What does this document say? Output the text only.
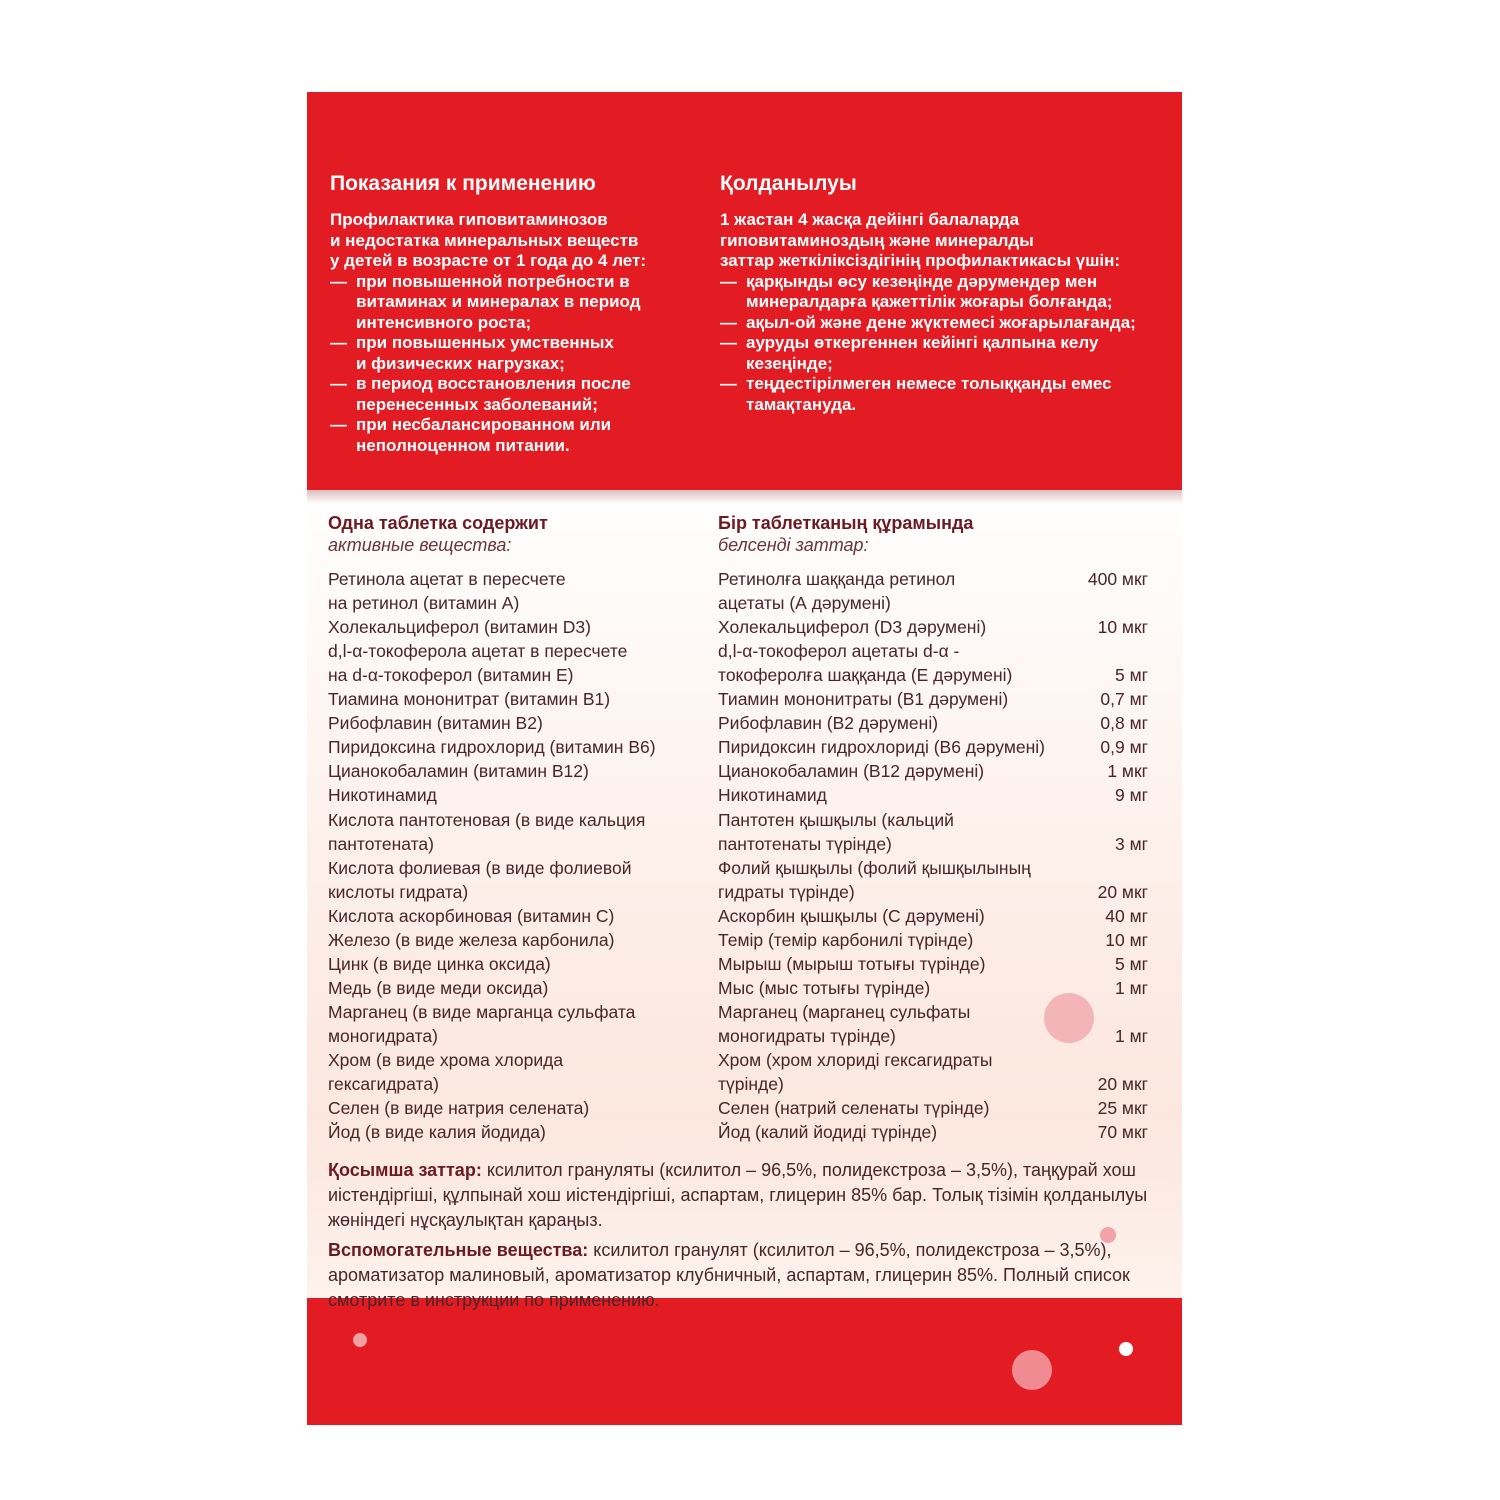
Показания к применению
Профилактика гиповитаминозов
и недостатка минеральных веществ
у детей в возрасте от 1 года до 4 лет:
— при повышенной потребности в
витаминах и минералах в период
интенсивного роста;
— при повышенных умственных
и физических нагрузках;
— в период восстановления после
перенесенных заболеваний;
— при несбалансированном или
неполноценном питании.
Қолданылуы
1 жастан 4 жасқа дейінгі балаларда
гиповитаминоздың және минералды
заттар жеткіліксіздігінің профилактикасы үшін:
— қарқынды өсу кезеңінде дәрумендер мен
минералдарға қажеттілік жоғары болғанда;
— ақыл-ой және дене жүктемесі жоғарылағанда;
— ауруды өткергеннен кейінгі қалпына келу
кезеңінде;
— теңдестірілмеген немесе толыққанды емес
тамақтануда.
Одна таблетка содержит
активные вещества:
Бір таблетканың құрамында
белсенді заттар:
Ретинола ацетат в пересчете
на ретинол (витамин А)
Холекальциферол (витамин D3)
d,l-α-токоферола ацетат в пересчете
на d-α-токоферол (витамин Е)
Тиамина мононитрат (витамин В1)
Рибофлавин (витамин В2)
Пиридоксина гидрохлорид (витамин В6)
Цианокобаламин (витамин В12)
Никотинамид
Кислота пантотеновая (в виде кальция
пантотената)
Кислота фолиевая (в виде фолиевой
кислоты гидрата)
Кислота аскорбиновая (витамин С)
Железо (в виде железа карбонила)
Цинк (в виде цинка оксида)
Медь (в виде меди оксида)
Марганец (в виде марганца сульфата
моногидрата)
Хром (в виде хрома хлорида
гексагидрата)
Селен (в виде натрия селената)
Йод (в виде калия йодида)
Ретинолға шаққанда ретинол
ацетаты (А дәрумені)
Холекальциферол (D3 дәрумені)
d,l-α-токоферол ацетаты d-α -
токоферолға шаққанда (Е дәрумені)
Тиамин мононитраты (В1 дәрумені)
Рибофлавин (В2 дәрумені)
Пиридоксин гидрохлориді (В6 дәрумені)
Цианокобаламин (В12 дәрумені)
Никотинамид
Пантотен қышқылы (кальций
пантотенаты түрінде)
Фолий қышқылы (фолий қышқылының
гидраты түрінде)
Аскорбин қышқылы (С дәрумені)
Темір (темір карбонилі түрінде)
Мырыш (мырыш тотығы түрінде)
Мыс (мыс тотығы түрінде)
Марганец (марганец сульфаты
моногидраты түрінде)
Хром (хром хлориді гексагидраты
түрінде)
Селен (натрий селенаты түрінде)
Йод (калий йодиді түрінде)
400 мкг
10 мкг
5 мг
0,7 мг
0,8 мг
0,9 мг
1 мкг
9 мг
3 мг
20 мкг
40 мг
10 мг
5 мг
1 мг
1 мг
20 мкг
25 мкг
70 мкг
Қосымша заттар: ксилитол грануляты (ксилитол – 96,5%, полидекстроза – 3,5%), таңқурай хош иістендіргіші, құлпынай хош иістендіргіші, аспартам, глицерин 85% бар. Толық тізімін қолданылуы жөніндегі нұсқаулықтан қараңыз.
Вспомогательные вещества: ксилитол гранулят (ксилитол – 96,5%, полидекстроза – 3,5%), ароматизатор малиновый, ароматизатор клубничный, аспартам, глицерин 85%. Полный список смотрите в инструкции по применению.
